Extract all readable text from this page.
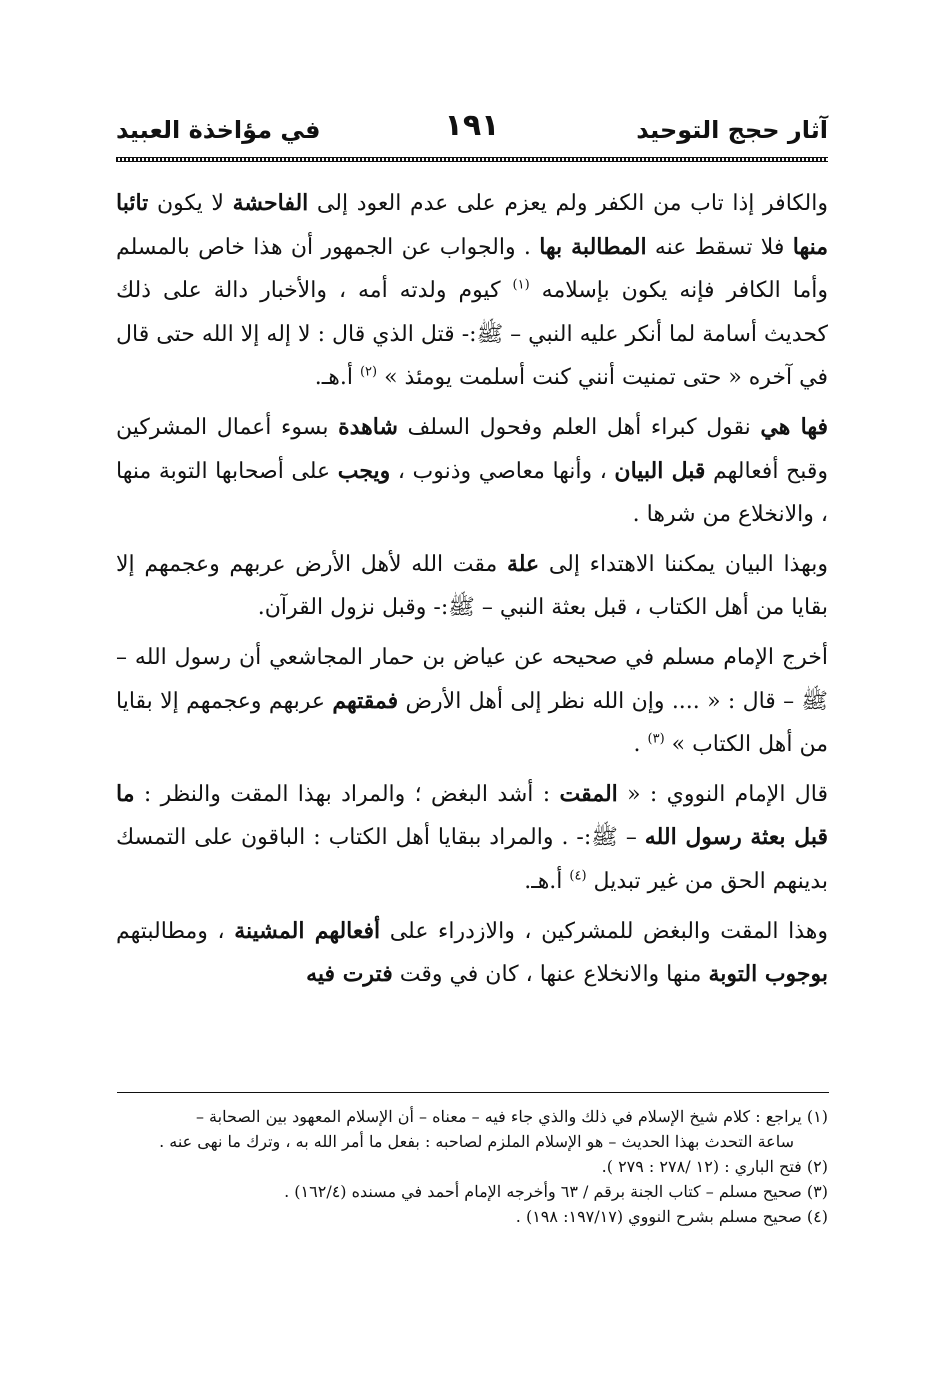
آثار حجج التوحيد
١٩١
في مؤاخذة العبيد

والكافر إذا تاب من الكفر ولم يعزم على عدم العود إلى الفاحشة لا يكون تائبا منها فلا تسقط عنه المطالبة بها . والجواب عن الجمهور أن هذا خاص بالمسلم وأما الكافر فإنه يكون بإسلامه $^{(١)}$ كيوم ولدته أمه ، والأخبار دالة على ذلك كحديث أسامة لما أنكر عليه النبي – ﷺ:- قتل الذي قال : لا إله إلا الله حتى قال في آخره « حتى تمنيت أنني كنت أسلمت يومئذ » $^{(٢)}$ أ.هـ.

فها هي نقول كبراء أهل العلم وفحول السلف شاهدة بسوء أعمال المشركين وقبح أفعالهم قبل البيان ، وأنها معاصي وذنوب ، ويجب على أصحابها التوبة منها ، والانخلاع من شرها .

وبهذا البيان يمكننا الاهتداء إلى علة مقت الله لأهل الأرض عربهم وعجمهم إلا بقايا من أهل الكتاب ، قبل بعثة النبي – ﷺ:- وقبل نزول القرآن.

أخرج الإمام مسلم في صحيحه عن عياض بن حمار المجاشعي أن رسول الله – ﷺ – قال : « .... وإن الله نظر إلى أهل الأرض فمقتهم عربهم وعجمهم إلا بقايا من أهل الكتاب » $^{(٣)}$ .

قال الإمام النووي : « المقت : أشد البغض ؛ والمراد بهذا المقت والنظر : ما قبل بعثة رسول الله – ﷺ:- . والمراد ببقايا أهل الكتاب : الباقون على التمسك بدينهم الحق من غير تبديل $^{(٤)}$ أ.هـ.

وهذا المقت والبغض للمشركين ، والازدراء على أفعالهم المشينة ، ومطالبتهم بوجوب التوبة منها والانخلاع عنها ، كان في وقت فترت فيه

(١) يراجع : كلام شيخ الإسلام في ذلك والذي جاء فيه – معناه – أن الإسلام المعهود بين الصحابة –

ساعة التحدث بهذا الحديث – هو الإسلام الملزم لصاحبه : بفعل ما أمر الله به ، وترك ما نهى عنه .

(٢) فتح الباري : (١٢ /٢٧٨ : ٢٧٩ ).

(٣) صحيح مسلم – كتاب الجنة برقم / ٦٣ وأخرجه الإمام أحمد في مسنده (١٦٢/٤) .

(٤) صحيح مسلم بشرح النووي (١٩٧/١٧: ١٩٨) .
